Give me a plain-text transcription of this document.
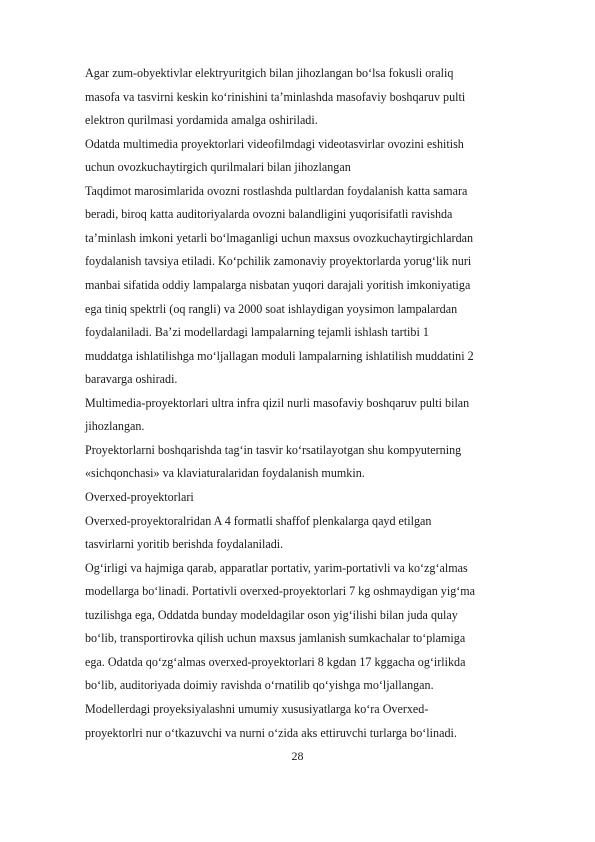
Agar zum-obyektivlar elektryuritgich bilan jihozlangan bo‘lsa fokusli oraliq
masofa va tasvirni keskin ko‘rinishini ta’minlashda masofaviy boshqaruv pulti
elektron qurilmasi yordamida amalga oshiriladi.
Odatda multimedia proyektorlari videofilmdagi videotasvirlar ovozini eshitish
uchun ovozkuchaytirgich qurilmalari bilan jihozlangan
Taqdimot marosimlarida ovozni rostlashda pultlardan foydalanish katta samara
beradi, biroq katta auditoriyalarda ovozni balandligini yuqorisifatli ravishda
ta’minlash imkoni yetarli bo‘lmaganligi uchun maxsus ovozkuchaytirgichlardan
foydalanish tavsiya etiladi. Ko‘pchilik zamonaviy proyektorlarda yorug‘lik nuri
manbai sifatida oddiy lampalarga nisbatan yuqori darajali yoritish imkoniyatiga
ega tiniq spektrli (oq rangli) va 2000 soat ishlaydigan yoysimon lampalardan
foydalaniladi. Ba’zi modellardagi lampalarning tejamli ishlash tartibi 1
muddatga ishlatilishga mo‘ljallagan moduli lampalarning ishlatilish muddatini 2
baravarga oshiradi.
Multimedia-proyektorlari ultra infra qizil nurli masofaviy boshqaruv pulti bilan
jihozlangan.
Proyektorlarni boshqarishda tag‘in tasvir ko‘rsatilayotgan shu kompyuterning
«sichqonchasi» va klaviaturalaridan foydalanish mumkin.
Overxed-proyektorlari
Overxed-proyektoralridan A 4 formatli shaffof plenkalarga qayd etilgan
tasvirlarni yoritib berishda foydalaniladi.
Og‘irligi va hajmiga qarab, apparatlar portativ, yarim-portativli va ko‘zg‘almas
modellarga bo‘linadi. Portativli overxed-proyektorlari 7 kg oshmaydigan yig‘ma
tuzilishga ega, Oddatda bunday modeldagilar oson yig‘ilishi bilan juda qulay
bo‘lib, transportirovka qilish uchun maxsus jamlanish sumkachalar to‘plamiga
ega. Odatda qo‘zg‘almas overxed-proyektorlari 8 kgdan 17 kggacha og‘irlikda
bo‘lib, auditoriyada doimiy ravishda o‘rnatilib qo‘yishga mo‘ljallangan.
Modellerdagi proyeksiyalashni umumiy xususiyatlarga ko‘ra Overxed-
proyektorlri nur o‘tkazuvchi va nurni o‘zida aks ettiruvchi turlarga bo‘linadi.
28
